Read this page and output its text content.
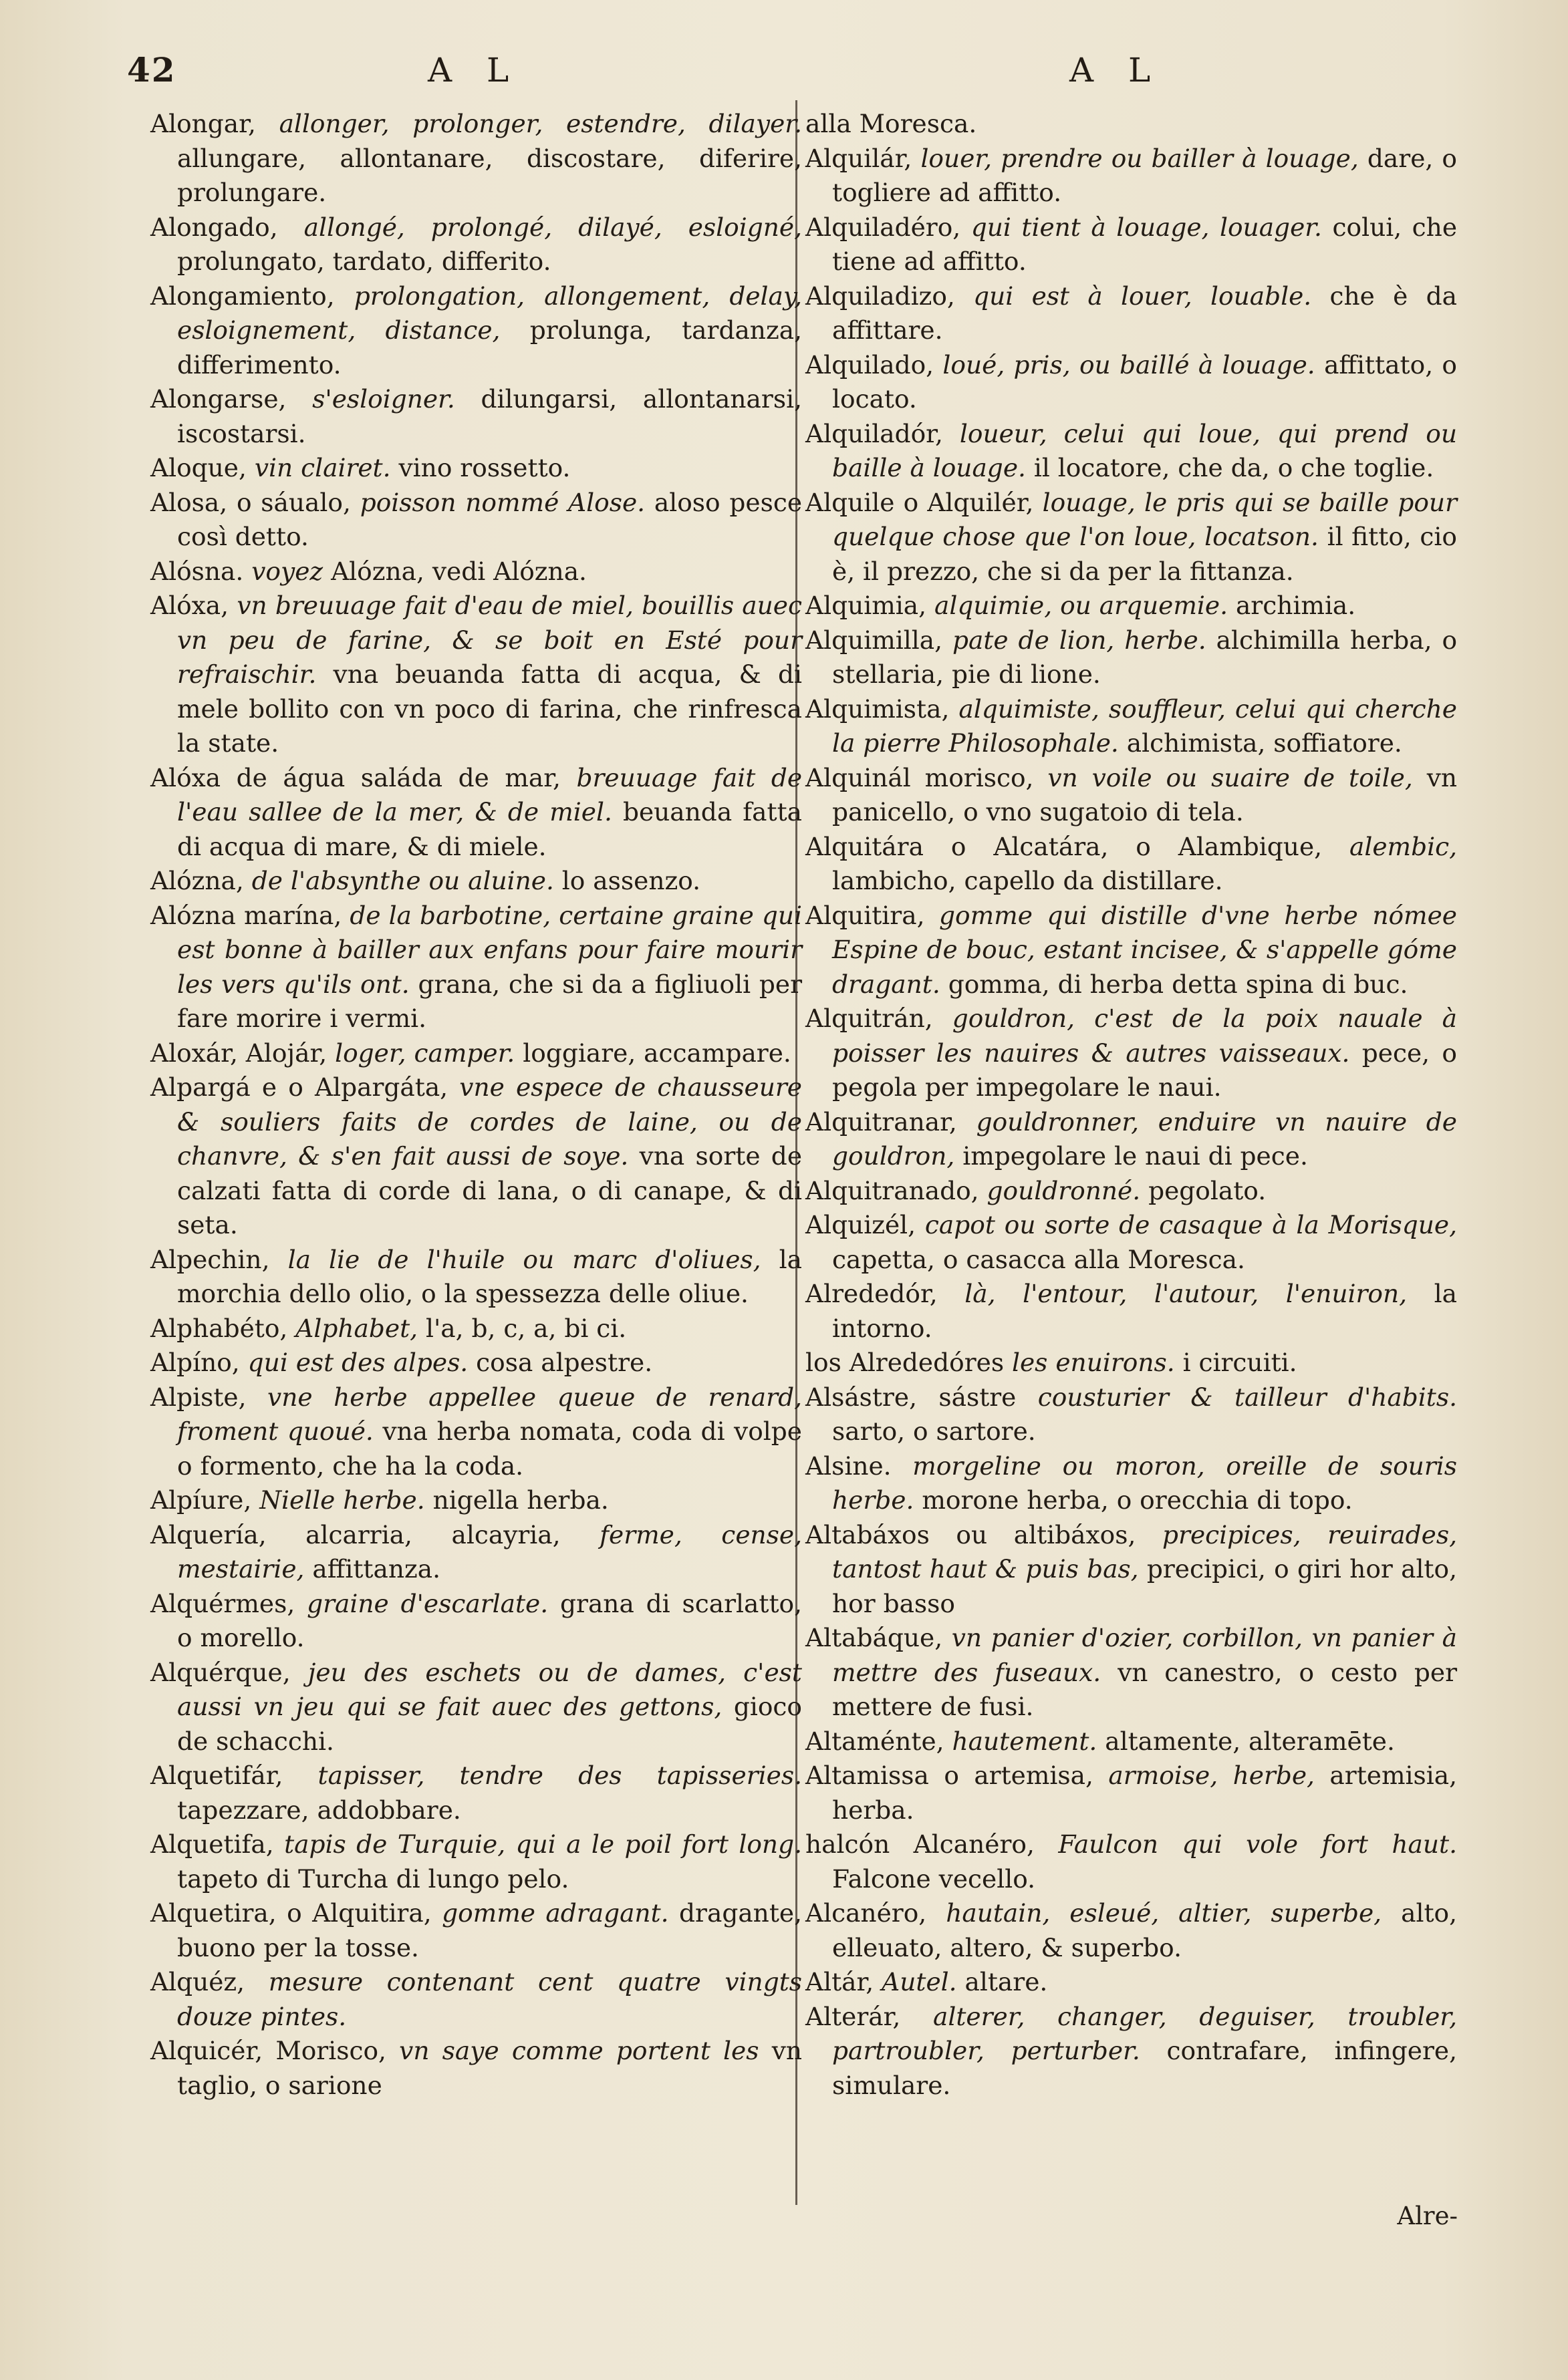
42	A L	A L

Alongar, allonger, prolonger, estendre, dilayer. allungare, allontanare, discostare, diferire, prolungare.

Alongado, allongé, prolongé, dilayé, esloigné, prolungato, tardato, differito.

Alongamiento, prolongation, allongement, delay, esloignement, distance, prolunga, tardanza, differimento.

Alongarse, s'esloigner. dilungarsi, allontanarsi, iscostarsi.

Aloque, vin clairet. vino rossetto.

Alosa, o sáualo, poisson nommé Alose. aloso pesce così detto.

Alósna. voyez Alózna, vedi Alózna.

Alóxa, vn breuuage fait d'eau de miel, bouillis auec vn peu de farine, & se boit en Esté pour refraischir. vna beuanda fatta di acqua, & di mele bollito con vn poco di farina, che rinfresca la state.

Alóxa de água saláda de mar, breuuage fait de l'eau sallee de la mer, & de miel. beuanda fatta di acqua di mare, & di miele.

Alózna, de l'absynthe ou aluine. lo assenzo.

Alózna marína, de la barbotine, certaine graine qui est bonne à bailler aux enfans pour faire mourir les vers qu'ils ont. grana, che si da a figliuoli per fare morire i vermi.

Aloxár, Alojár, loger, camper. loggiare, accampare.

Alpargá e o Alpargáta, vne espece de chausseure & souliers faits de cordes de laine, ou de chanvre, & s'en fait aussi de soye. vna sorte de calzati fatta di corde di lana, o di canape, & di seta.

Alpechin, la lie de l'huile ou marc d'oliues, la morchia dello olio, o la spessezza delle oliue.

Alphabéto, Alphabet, l'a, b, c, a, bi ci.

Alpíno, qui est des alpes. cosa alpestre.

Alpiste, vne herbe appellee queue de renard, froment quoué. vna herba nomata, coda di volpe o formento, che ha la coda.

Alpíure, Nielle herbe. nigella herba.

Alquería, alcarria, alcayria, ferme, cense, mestairie, affittanza.

Alquérmes, graine d'escarlate. grana di scarlatto, o morello.

Alquérque, jeu des eschets ou de dames, c'est aussi vn jeu qui se fait auec des gettons, gioco de schacchi.

Alquetifár, tapisser, tendre des tapisseries. tapezzare, addobbare.

Alquetifa, tapis de Turquie, qui a le poil fort long. tapeto di Turcha di lungo pelo.

Alquetira, o Alquitira, gomme adragant. dragante, buono per la tosse.

Alquéz, mesure contenant cent quatre vingts douze pintes.

Alquicér, Morisco, vn saye comme portent les vn taglio, o sarione

alla Moresca.

Alquilár, louer, prendre ou bailler à louage, dare, o togliere ad affitto.

Alquiladéro, qui tient à louage, louager. colui, che tiene ad affitto.

Alquiladizo, qui est à louer, louable. che è da affittare.

Alquilado, loué, pris, ou baillé à louage. affittato, o locato.

Alquiladór, loueur, celui qui loue, qui prend ou baille à louage. il locatore, che da, o che toglie.

Alquile o Alquilér, louage, le pris qui se baille pour quelque chose que l'on loue, locatson. il fitto, cio è, il prezzo, che si da per la fittanza.

Alquimia, alquimie, ou arquemie. archimia.

Alquimilla, pate de lion, herbe. alchimilla herba, o stellaria, pie di lione.

Alquimista, alquimiste, souffleur, celui qui cherche la pierre Philosophale. alchimista, soffiatore.

Alquinál morisco, vn voile ou suaire de toile, vn panicello, o vno sugatoio di tela.

Alquitára o Alcatára, o Alambique, alembic, lambicho, capello da distillare.

Alquitira, gomme qui distille d'vne herbe nómee Espine de bouc, estant incisee, & s'appelle góme dragant. gomma, di herba detta spina di buc.

Alquitrán, gouldron, c'est de la poix nauale à poisser les nauires & autres vaisseaux. pece, o pegola per impegolare le naui.

Alquitranar, gouldronner, enduire vn nauire de gouldron, impegolare le naui di pece.

Alquitranado, gouldronné. pegolato.

Alquizél, capot ou sorte de casaque à la Morisque, capetta, o casacca alla Moresca.

Alrededór, là, l'entour, l'autour, l'enuiron, la intorno.

los Alrededóres les enuirons. i circuiti.

Alsástre, sástre cousturier & tailleur d'habits. sarto, o sartore.

Alsine. morgeline ou moron, oreille de souris herbe. morone herba, o orecchia di topo.

Altabáxos ou altibáxos, precipices, reuirades, tantost haut & puis bas, precipici, o giri hor alto, hor basso

Altabáque, vn panier d'ozier, corbillon, vn panier à mettre des fuseaux. vn canestro, o cesto per mettere de fusi.

Altaménte, hautement. altamente, alteramēte.

Altamissa o artemisa, armoise, herbe, artemisia, herba.

halcón Alcanéro, Faulcon qui vole fort haut. Falcone vecello.

Alcanéro, hautain, esleué, altier, superbe, alto, elleuato, altero, & superbo.

Altár, Autel. altare.

Alterár, alterer, changer, deguiser, troubler, partroubler, perturber. contrafare, infingere, simulare.

Alre-
